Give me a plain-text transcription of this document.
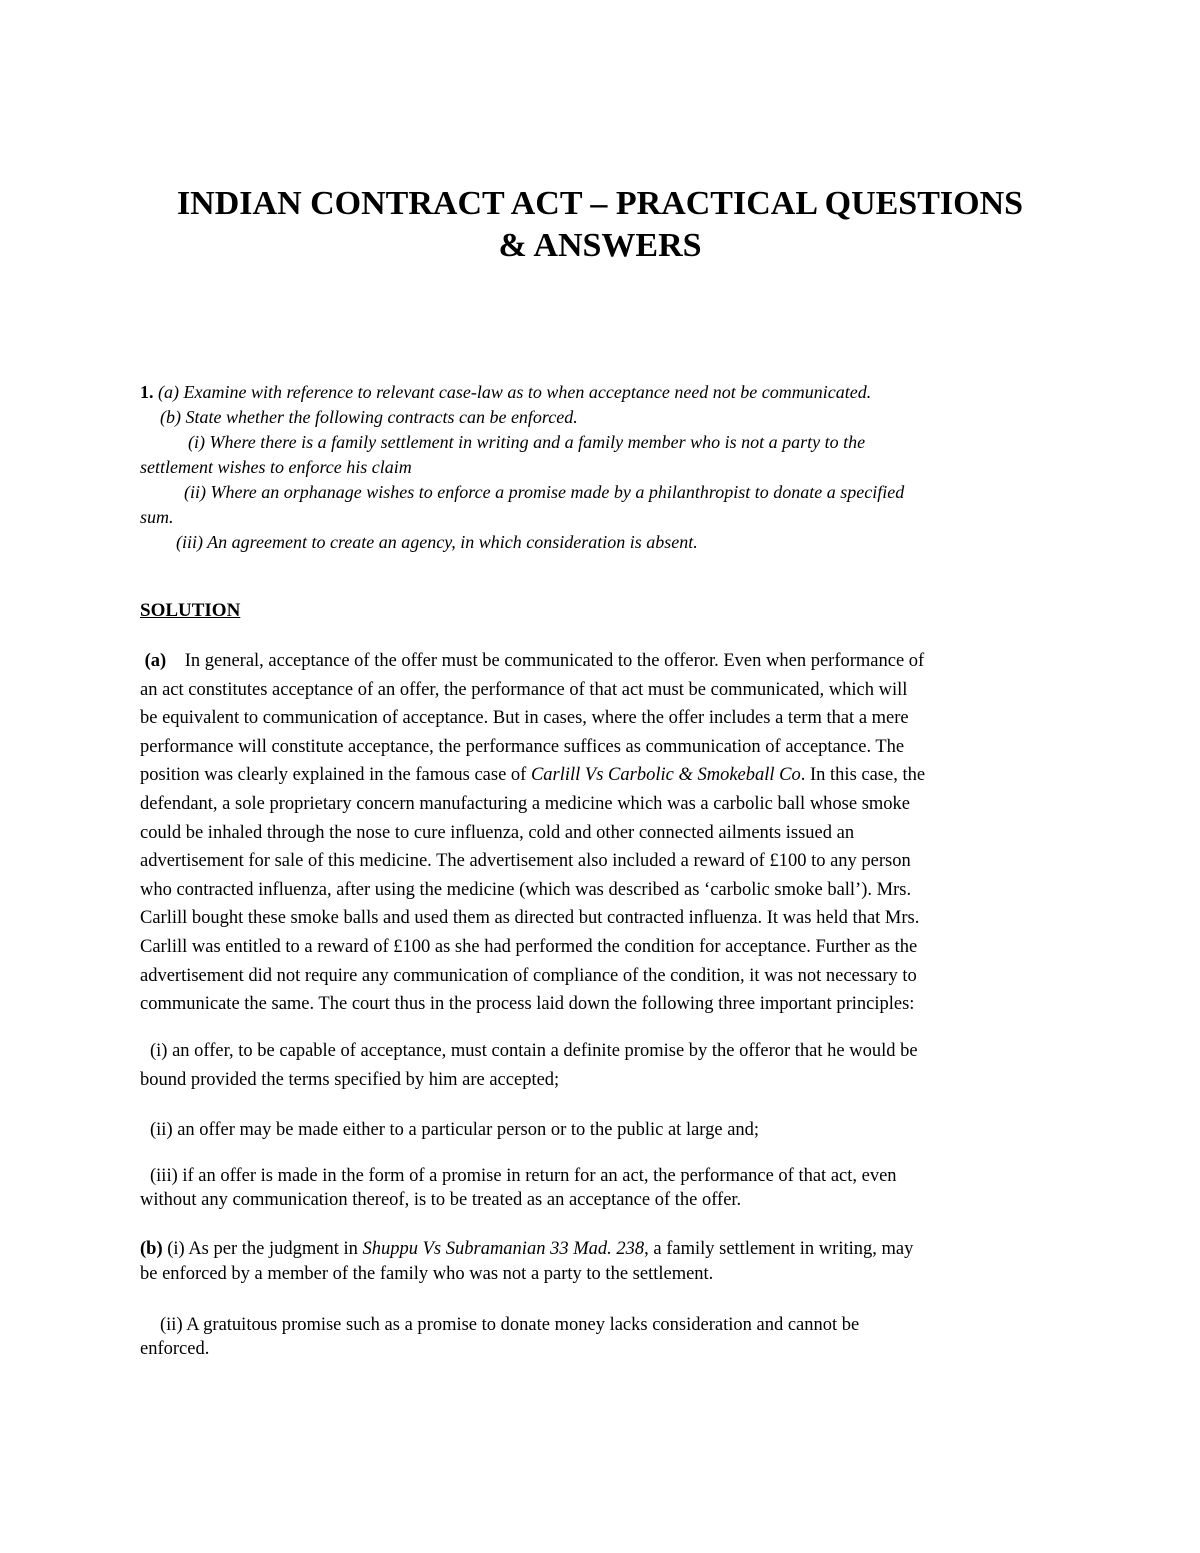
INDIAN CONTRACT ACT – PRACTICAL QUESTIONS
& ANSWERS
1. (a) Examine with reference to relevant case-law as to when acceptance need not be communicated.
(b) State whether the following contracts can be enforced.
(i) Where there is a family settlement in writing and a family member who is not a party to the
settlement wishes to enforce his claim
(ii) Where an orphanage wishes to enforce a promise made by a philanthropist to donate a specified
sum.
(iii) An agreement to create an agency, in which consideration is absent.
SOLUTION
(a) In general, acceptance of the offer must be communicated to the offeror. Even when performance of
an act constitutes acceptance of an offer, the performance of that act must be communicated, which will
be equivalent to communication of acceptance. But in cases, where the offer includes a term that a mere
performance will constitute acceptance, the performance suffices as communication of acceptance. The
position was clearly explained in the famous case of Carlill Vs Carbolic & Smokeball Co. In this case, the
defendant, a sole proprietary concern manufacturing a medicine which was a carbolic ball whose smoke
could be inhaled through the nose to cure influenza, cold and other connected ailments issued an
advertisement for sale of this medicine. The advertisement also included a reward of £100 to any person
who contracted influenza, after using the medicine (which was described as ‘carbolic smoke ball’). Mrs.
Carlill bought these smoke balls and used them as directed but contracted influenza. It was held that Mrs.
Carlill was entitled to a reward of £100 as she had performed the condition for acceptance. Further as the
advertisement did not require any communication of compliance of the condition, it was not necessary to
communicate the same. The court thus in the process laid down the following three important principles:
(i) an offer, to be capable of acceptance, must contain a definite promise by the offeror that he would be
bound provided the terms specified by him are accepted;
(ii) an offer may be made either to a particular person or to the public at large and;
(iii) if an offer is made in the form of a promise in return for an act, the performance of that act, even
without any communication thereof, is to be treated as an acceptance of the offer.
(b) (i) As per the judgment in Shuppu Vs Subramanian 33 Mad. 238, a family settlement in writing, may
be enforced by a member of the family who was not a party to the settlement.
(ii) A gratuitous promise such as a promise to donate money lacks consideration and cannot be
enforced.
